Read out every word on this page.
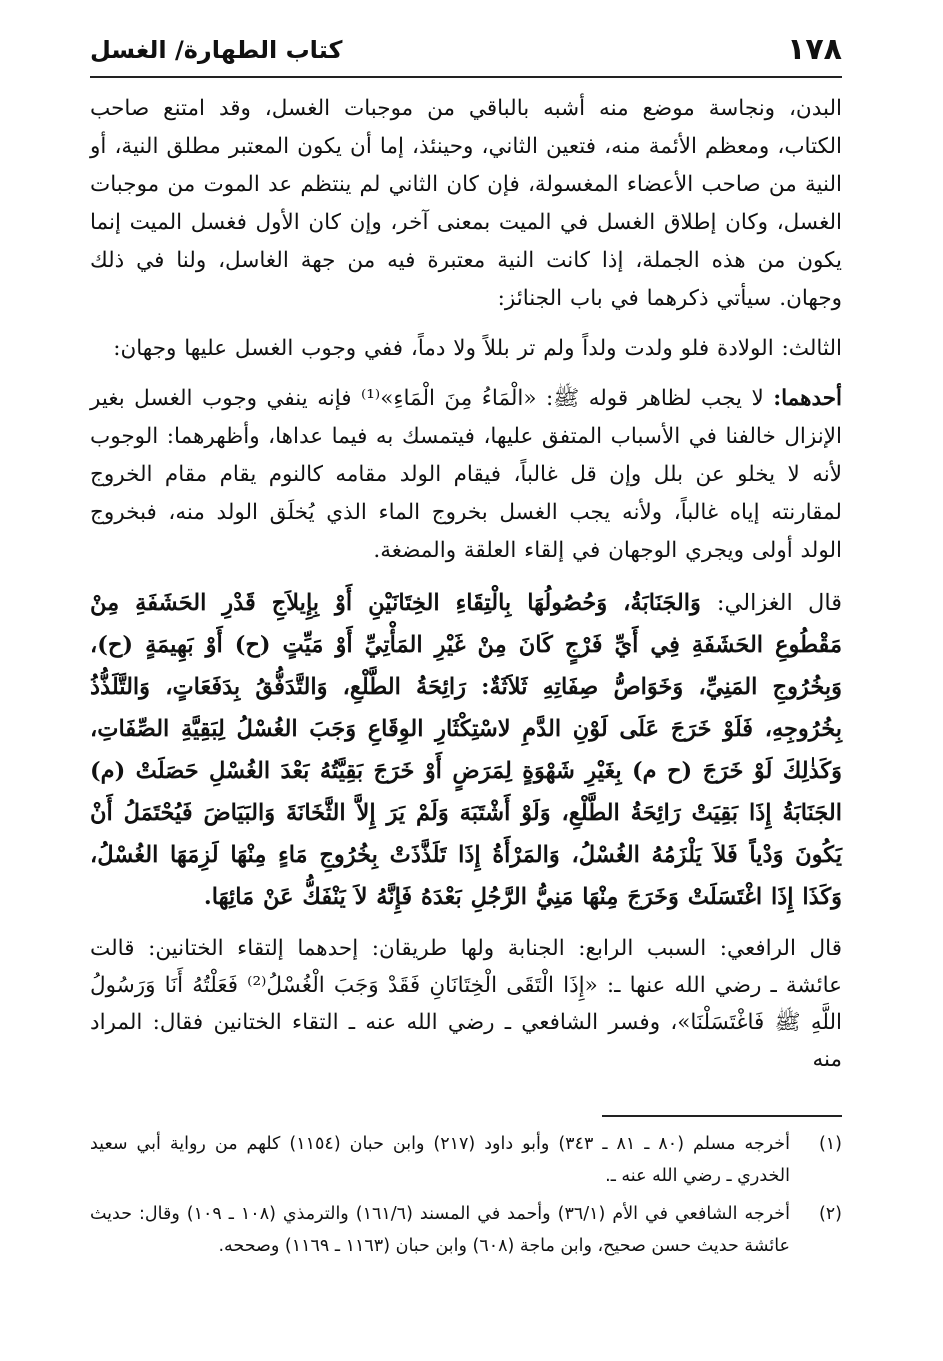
١٧٨
كتاب الطهارة/ الغسل

البدن، ونجاسة موضع منه أشبه بالباقي من موجبات الغسل، وقد امتنع صاحب الكتاب، ومعظم الأئمة منه، فتعين الثاني، وحينئذ، إما أن يكون المعتبر مطلق النية، أو النية من صاحب الأعضاء المغسولة، فإن كان الثاني لم ينتظم عد الموت من موجبات الغسل، وكان إطلاق الغسل في الميت بمعنى آخر، وإن كان الأول فغسل الميت إنما يكون من هذه الجملة، إذا كانت النية معتبرة فيه من جهة الغاسل، ولنا في ذلك وجهان. سيأتي ذكرهما في باب الجنائز:

الثالث: الولادة فلو ولدت ولداً ولم تر بللاً ولا دماً، ففي وجوب الغسل عليها وجهان:

أحدهما: لا يجب لظاهر قوله ﷺ: «الْمَاءُ مِنَ الْمَاءِ»⁽¹⁾ فإنه ينفي وجوب الغسل بغير الإنزال خالفنا في الأسباب المتفق عليها، فيتمسك به فيما عداها، وأظهرهما: الوجوب لأنه لا يخلو عن بلل وإن قل غالباً، فيقام الولد مقامه كالنوم يقام مقام الخروج لمقارنته إياه غالباً، ولأنه يجب الغسل بخروج الماء الذي يُخلَق الولد منه، فبخروج الولد أولى ويجري الوجهان في إلقاء العلقة والمضغة.

قال الغزالي: وَالجَنَابَةُ، وَحُصُولُهَا بِالْتِقَاءِ الخِتَانَيْنِ أَوْ بِإِيلاَجِ قَدْرِ الحَشَفَةِ مِنْ مَقْطُوعِ الحَشَفَةِ فِي أَيِّ فَرْجٍ كَانَ مِنْ غَيْرِ المَأْتِيِّ أَوْ مَيِّتٍ (ح) أَوْ بَهِيمَةٍ (ح)، وَبِخُرُوجِ المَنِيِّ، وَخَوَاصُّ صِفَاتِهِ ثَلاَثَةٌ: رَائِحَةُ الطَّلْعِ، وَالتَّدَفُّقُ بِدَفَعَاتٍ، وَالتَّلَذُّذُ بِخُرُوجِهِ، فَلَوْ خَرَجَ عَلَى لَوْنِ الدَّمِ لاسْتِكْثَارِ الوِقَاعِ وَجَبَ الغُسْلُ لِبَقِيَّةِ الصِّفَاتِ، وَكَذٰلِكَ لَوْ خَرَجَ (ح م) بِغَيْرِ شَهْوَةٍ لِمَرَضٍ أَوْ خَرَجَ بَقِيَّتُهُ بَعْدَ الغُسْلِ حَصَلَتْ (م) الجَنَابَةُ إِذَا بَقِيَتْ رَائِحَةُ الطَّلْعِ، وَلَوْ أَشْتَبَهَ وَلَمْ يَرَ إِلاَّ الثَّخَانَةَ وَالبَيَاضَ فَيُحْتَمَلُ أَنْ يَكُونَ وَدْياً فَلاَ يَلْزَمُهُ الغُسْلُ، وَالمَرْأَةُ إِذَا تَلَذَّذَتْ بِخُرُوجِ مَاءٍ مِنْهَا لَزِمَهَا الغُسْلُ، وَكَذَا إِذَا اغْتَسَلَتْ وَخَرَجَ مِنْهَا مَنِيُّ الرَّجُلِ بَعْدَهُ فَإِنَّهُ لاَ يَنْفَكُّ عَنْ مَائِهَا.

قال الرافعي: السبب الرابع: الجنابة ولها طريقان: إحدهما إلتقاء الختانين: قالت عائشة ـ رضي الله عنها ـ: «إِذَا الْتَقَى الْخِتَانَانِ فَقَدْ وَجَبَ الْغُسْلُ⁽²⁾ فَعَلْتُهُ أَنَا وَرَسُولُ اللَّهِ ﷺ فَاغْتَسَلْنَا»، وفسر الشافعي ـ رضي الله عنه ـ التقاء الختانين فقال: المراد منه

(١)
أخرجه مسلم (٨٠ ـ ٨١ ـ ٣٤٣) وأبو داود (٢١٧) وابن حبان (١١٥٤) كلهم من رواية أبي سعيد الخدري ـ رضي الله عنه ـ.
(٢)
أخرجه الشافعي في الأم (٣٦/١) وأحمد في المسند (١٦١/٦) والترمذي (١٠٨ ـ ١٠٩) وقال: حديث عائشة حديث حسن صحيح، وابن ماجة (٦٠٨) وابن حبان (١١٦٣ ـ ١١٦٩) وصححه.
